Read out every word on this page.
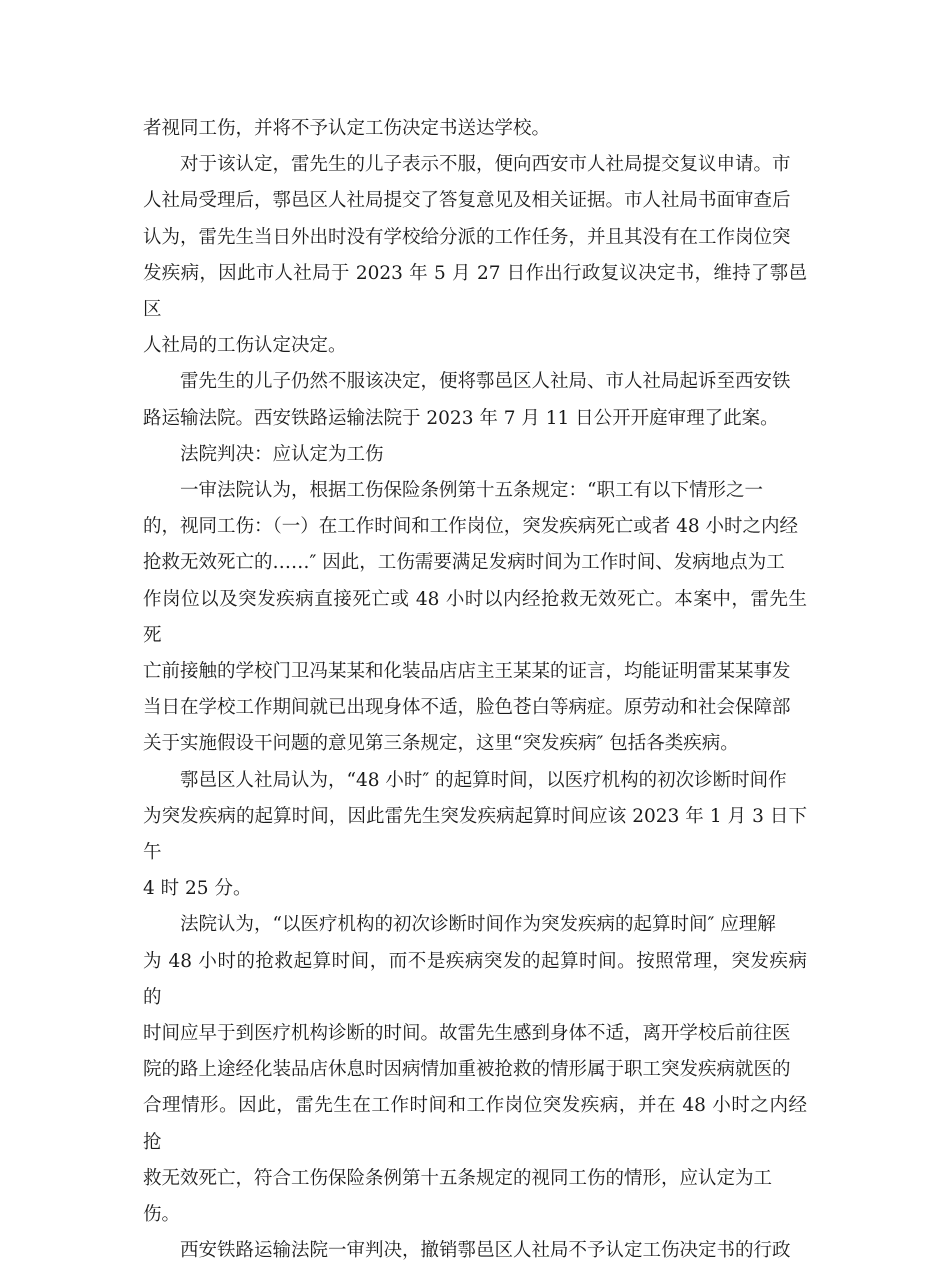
者视同工伤，并将不予认定工伤决定书送达学校。

对于该认定，雷先生的儿子表示不服，便向西安市人社局提交复议申请。市
人社局受理后，鄠邑区人社局提交了答复意见及相关证据。市人社局书面审查后
认为，雷先生当日外出时没有学校给分派的工作任务，并且其没有在工作岗位突
发疾病，因此市人社局于 2023 年 5 月 27 日作出行政复议决定书，维持了鄠邑区
人社局的工伤认定决定。

雷先生的儿子仍然不服该决定，便将鄠邑区人社局、市人社局起诉至西安铁
路运输法院。西安铁路运输法院于 2023 年 7 月 11 日公开开庭审理了此案。

法院判决：应认定为工伤

一审法院认为，根据工伤保险条例第十五条规定：“职工有以下情形之一
的，视同工伤：（一）在工作时间和工作岗位，突发疾病死亡或者 48 小时之内经
抢救无效死亡的……″ 因此，工伤需要满足发病时间为工作时间、发病地点为工
作岗位以及突发疾病直接死亡或 48 小时以内经抢救无效死亡。本案中，雷先生死
亡前接触的学校门卫冯某某和化装品店店主王某某的证言，均能证明雷某某事发
当日在学校工作期间就已出现身体不适，脸色苍白等病症。原劳动和社会保障部
关于实施假设干问题的意见第三条规定，这里“突发疾病″ 包括各类疾病。

鄠邑区人社局认为，“48 小时″ 的起算时间，以医疗机构的初次诊断时间作
为突发疾病的起算时间，因此雷先生突发疾病起算时间应该 2023 年 1 月 3 日下午
4 时 25 分。

法院认为，“以医疗机构的初次诊断时间作为突发疾病的起算时间″ 应理解
为 48 小时的抢救起算时间，而不是疾病突发的起算时间。按照常理，突发疾病的
时间应早于到医疗机构诊断的时间。故雷先生感到身体不适，离开学校后前往医
院的路上途经化装品店休息时因病情加重被抢救的情形属于职工突发疾病就医的
合理情形。因此，雷先生在工作时间和工作岗位突发疾病，并在 48 小时之内经抢
救无效死亡，符合工伤保险条例第十五条规定的视同工伤的情形，应认定为工
伤。

西安铁路运输法院一审判决，撤销鄠邑区人社局不予认定工伤决定书的行政
